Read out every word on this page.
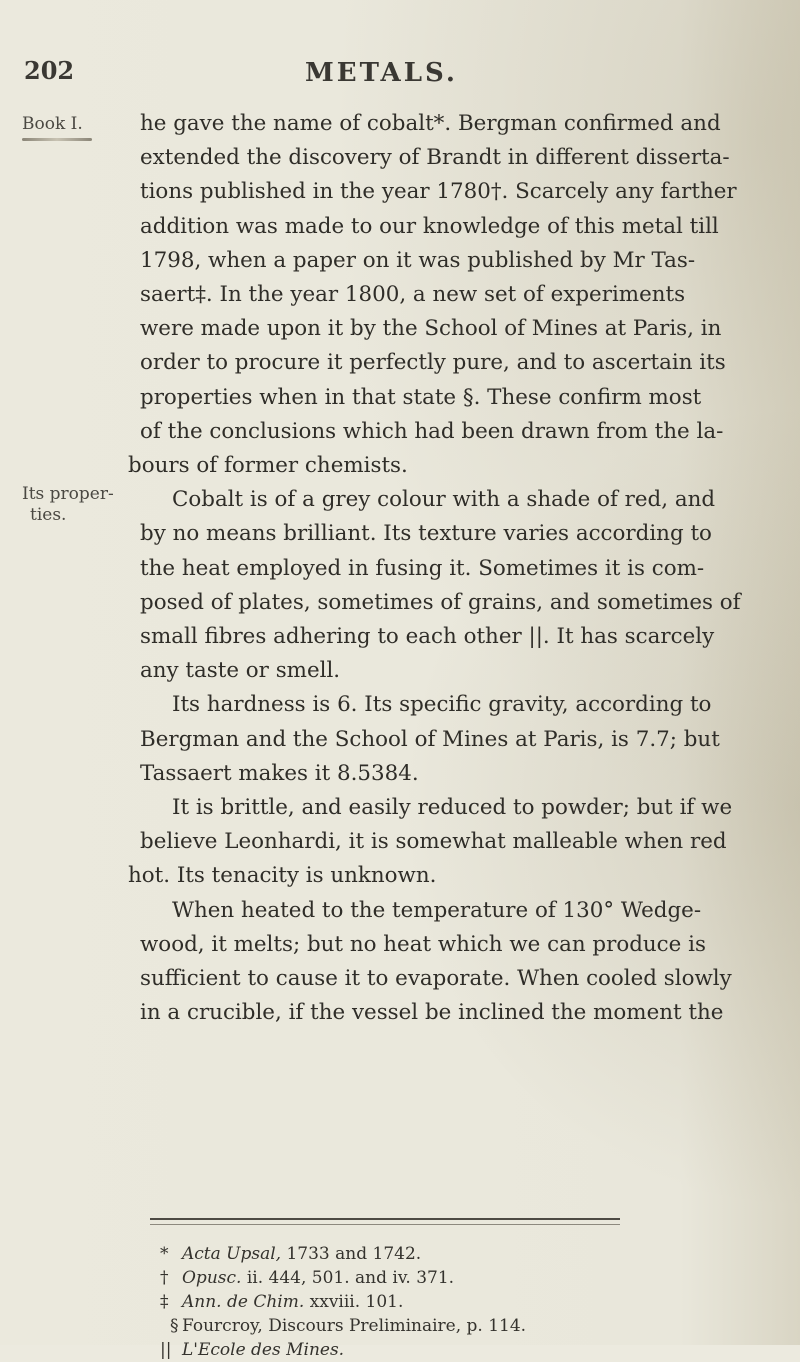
202	METALS.
Book I.
Its proper-
ties.
he gave the name of cobalt*. Bergman confirmed and
extended the discovery of Brandt in different disserta-
tions published in the year 1780†. Scarcely any farther
addition was made to our knowledge of this metal till
1798, when a paper on it was published by Mr Tas-
saert‡. In the year 1800, a new set of experiments
were made upon it by the School of Mines at Paris, in
order to procure it perfectly pure, and to ascertain its
properties when in that state §. These confirm most
of the conclusions which had been drawn from the la-
bours of former chemists.
Cobalt is of a grey colour with a shade of red, and
by no means brilliant. Its texture varies according to
the heat employed in fusing it. Sometimes it is com-
posed of plates, sometimes of grains, and sometimes of
small fibres adhering to each other ||. It has scarcely
any taste or smell.
Its hardness is 6. Its specific gravity, according to
Bergman and the School of Mines at Paris, is 7.7; but
Tassaert makes it 8.5384.
It is brittle, and easily reduced to powder; but if we
believe Leonhardi, it is somewhat malleable when red
hot. Its tenacity is unknown.
When heated to the temperature of 130° Wedge-
wood, it melts; but no heat which we can produce is
sufficient to cause it to evaporate. When cooled slowly
in a crucible, if the vessel be inclined the moment the
* Acta Upsal, 1733 and 1742.
† Opusc. ii. 444, 501. and iv. 371.
‡ Ann. de Chim. xxviii. 101.
§ Fourcroy, Discours Preliminaire, p. 114.
|| L'Ecole des Mines.
